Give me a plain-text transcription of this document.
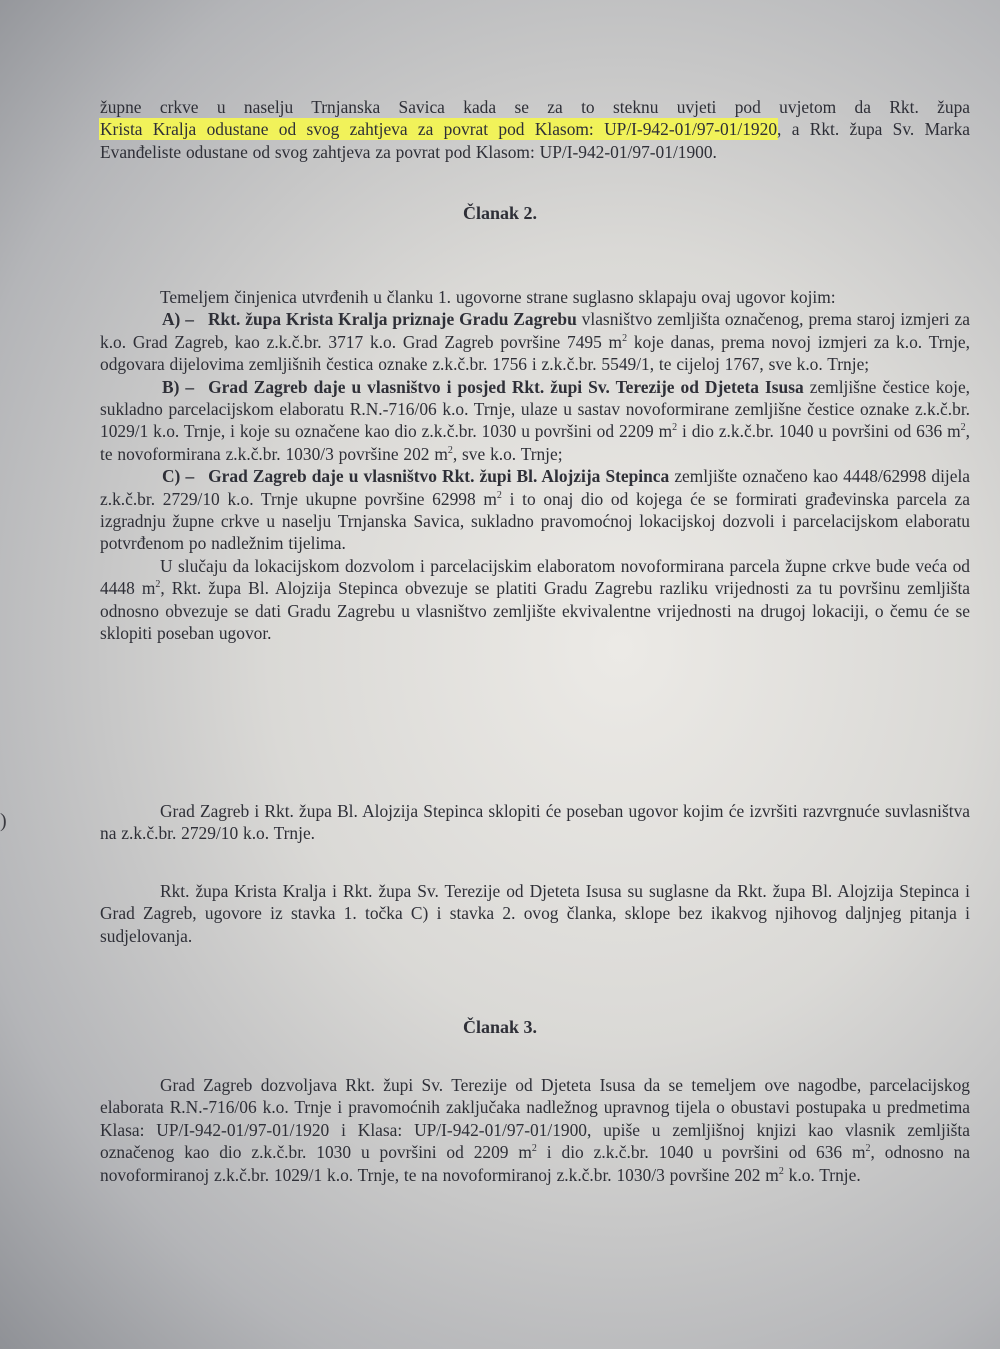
župne crkve u naselju Trnjanska Savica kada se za to steknu uvjeti pod uvjetom da Rkt. župa
Krista Kralja odustane od svog zahtjeva za povrat pod Klasom: UP/I-942-01/97-01/1920, a Rkt. župa Sv. Marka Evanđeliste odustane od svog zahtjeva za povrat pod Klasom: UP/I-942-01/97-01/1900.

Članak 2.

Temeljem činjenica utvrđenih u članku 1. ugovorne strane suglasno sklapaju ovaj ugovor kojim:

A) – Rkt. župa Krista Kralja priznaje Gradu Zagrebu vlasništvo zemljišta označenog, prema staroj izmjeri za k.o. Grad Zagreb, kao z.k.č.br. 3717 k.o. Grad Zagreb površine 7495 $m^2$ koje danas, prema novoj izmjeri za k.o. Trnje, odgovara dijelovima zemljišnih čestica oznake z.k.č.br. 1756 i z.k.č.br. 5549/1, te cijeloj 1767, sve k.o. Trnje;

B) – Grad Zagreb daje u vlasništvo i posjed Rkt. župi Sv. Terezije od Djeteta Isusa zemljišne čestice koje, sukladno parcelacijskom elaboratu R.N.-716/06 k.o. Trnje, ulaze u sastav novoformirane zemljišne čestice oznake z.k.č.br. 1029/1 k.o. Trnje, i koje su označene kao dio z.k.č.br. 1030 u površini od 2209 $m^2$ i dio z.k.č.br. 1040 u površini od 636 $m^2$, te novoformirana z.k.č.br. 1030/3 površine 202 $m^2$, sve k.o. Trnje;

C) – Grad Zagreb daje u vlasništvo Rkt. župi Bl. Alojzija Stepinca zemljište označeno kao 4448/62998 dijela z.k.č.br. 2729/10 k.o. Trnje ukupne površine 62998 $m^2$ i to onaj dio od kojega će se formirati građevinska parcela za izgradnju župne crkve u naselju Trnjanska Savica, sukladno pravomoćnoj lokacijskoj dozvoli i parcelacijskom elaboratu potvrđenom po nadležnim tijelima.

U slučaju da lokacijskom dozvolom i parcelacijskim elaboratom novoformirana parcela župne crkve bude veća od 4448 $m^2$, Rkt. župa Bl. Alojzija Stepinca obvezuje se platiti Gradu Zagrebu razliku vrijednosti za tu površinu zemljišta odnosno obvezuje se dati Gradu Zagrebu u vlasništvo zemljište ekvivalentne vrijednosti na drugoj lokaciji, o čemu će se sklopiti poseban ugovor.

Grad Zagreb i Rkt. župa Bl. Alojzija Stepinca sklopiti će poseban ugovor kojim će izvršiti razvrgnuće suvlasništva na z.k.č.br. 2729/10 k.o. Trnje.

Rkt. župa Krista Kralja i Rkt. župa Sv. Terezije od Djeteta Isusa su suglasne da Rkt. župa Bl. Alojzija Stepinca i Grad Zagreb, ugovore iz stavka 1. točka C) i stavka 2. ovog članka, sklope bez ikakvog njihovog daljnjeg pitanja i sudjelovanja.

Članak 3.

Grad Zagreb dozvoljava Rkt. župi Sv. Terezije od Djeteta Isusa da se temeljem ove nagodbe, parcelacijskog elaborata R.N.-716/06 k.o. Trnje i pravomoćnih zaključaka nadležnog upravnog tijela o obustavi postupaka u predmetima Klasa: UP/I-942-01/97-01/1920 i Klasa: UP/I-942-01/97-01/1900, upiše u zemljišnoj knjizi kao vlasnik zemljišta označenog kao dio z.k.č.br. 1030 u površini od 2209 $m^2$ i dio z.k.č.br. 1040 u površini od 636 $m^2$, odnosno na novoformiranoj z.k.č.br. 1029/1 k.o. Trnje, te na novoformiranoj z.k.č.br. 1030/3 površine 202 $m^2$ k.o. Trnje.

)
